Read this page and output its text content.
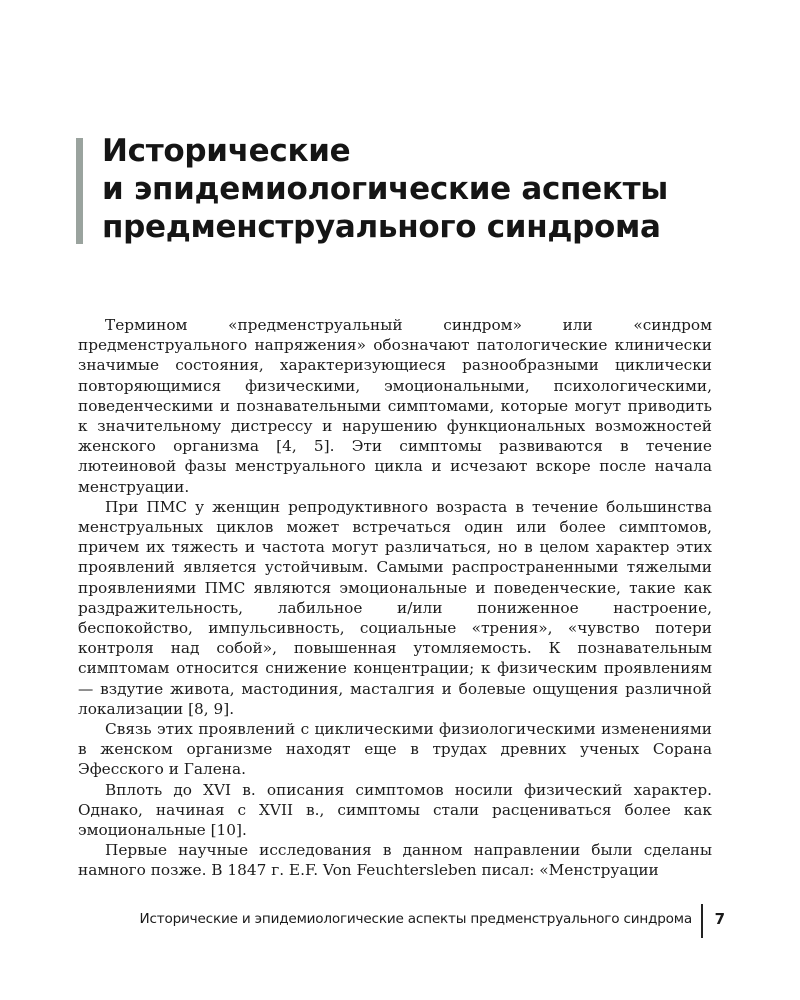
Исторические
и эпидемиологические аспекты
предменструального синдрома

Термином «предменструальный синдром» или «синдром предменструального напряжения» обозначают патологические клинически значимые состояния, характеризующиеся разнообразными циклически повторяющимися физическими, эмоциональными, психологическими, поведенческими и познавательными симптомами, которые могут приводить к значительному дистрессу и нарушению функциональных возможностей женского организма [4, 5]. Эти симптомы развиваются в течение лютеиновой фазы менструального цикла и исчезают вскоре после начала менструации.

При ПМС у женщин репродуктивного возраста в течение большинства менструальных циклов может встречаться один или более симптомов, причем их тяжесть и частота могут различаться, но в целом характер этих проявлений является устойчивым. Самыми распространенными тяжелыми проявлениями ПМС являются эмоциональные и поведенческие, такие как раздражительность, лабильное и/или пониженное настроение, беспокойство, импульсивность, социальные «трения», «чувство потери контроля над собой», повышенная утомляемость. К познавательным симптомам относится снижение концентрации; к физическим проявлениям — вздутие живота, мастодиния, масталгия и болевые ощущения различной локализации [8, 9].

Связь этих проявлений с циклическими физиологическими изменениями в женском организме находят еще в трудах древних ученых Сорана Эфесского и Галена.

Вплоть до XVI в. описания симптомов носили физический характер. Однако, начиная с XVII в., симптомы стали расцениваться более как эмоциональные [10].

Первые научные исследования в данном направлении были сделаны намного позже. В 1847 г. E.F. Von Feuchtersleben писал: «Менструации

Исторические и эпидемиологические аспекты предменструального синдрома 7
